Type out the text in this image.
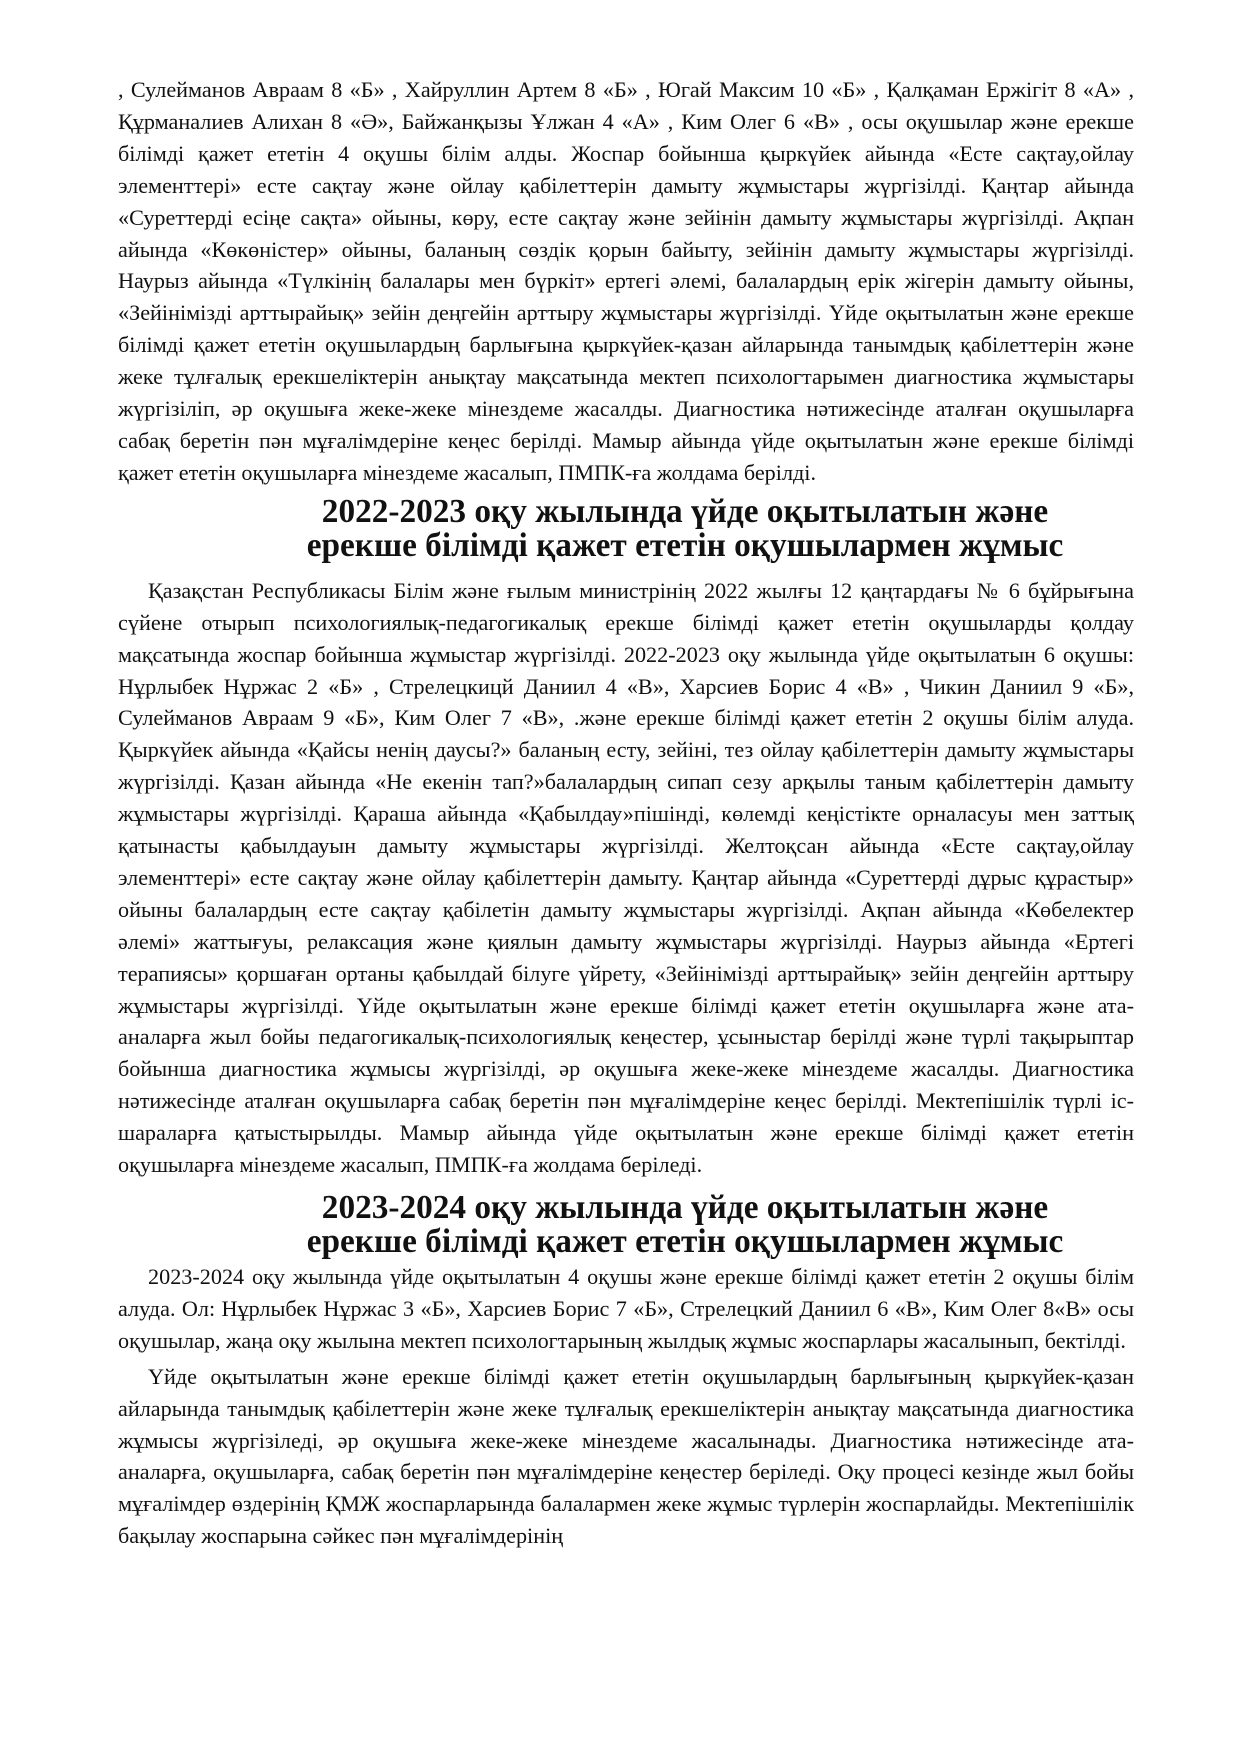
, Сулейманов Авраам 8 «Б» , Хайруллин Артем 8 «Б» , Югай Максим 10 «Б» , Қалқаман Ержігіт 8 «А» , Құрманалиев Алихан 8 «Ә», Байжанқызы Ұлжан 4 «А» , Ким Олег 6 «В» , осы оқушылар және ерекше білімді қажет ететін 4 оқушы білім алды. Жоспар бойынша қыркүйек айында «Есте сақтау,ойлау элементтері» есте сақтау және ойлау қабілеттерін дамыту жұмыстары жүргізілді. Қаңтар айында «Суреттерді есіңе сақта» ойыны, көру, есте сақтау және зейінін дамыту жұмыстары жүргізілді. Ақпан айында «Көкөністер» ойыны, баланың сөздік қорын байыту, зейінін дамыту жұмыстары жүргізілді. Наурыз айында «Түлкінің балалары мен бүркіт» ертегі әлемі, балалардың ерік жігерін дамыту ойыны, «Зейінімізді арттырайық» зейін деңгейін арттыру жұмыстары жүргізілді. Үйде оқытылатын және ерекше білімді қажет ететін оқушылардың барлығына қыркүйек-қазан айларында танымдық қабілеттерін және жеке тұлғалық ерекшеліктерін анықтау мақсатында мектеп психологтарымен диагностика жұмыстары жүргізіліп, әр оқушыға жеке-жеке мінездеме жасалды. Диагностика нәтижесінде аталған оқушыларға сабақ беретін пән мұғалімдеріне кеңес берілді. Мамыр айында үйде оқытылатын және ерекше білімді қажет ететін оқушыларға мінездеме жасалып, ПМПК-ға жолдама берілді.

2022-2023 оқу жылында үйде оқытылатын және
ерекше білімді қажет ететін оқушылармен жұмыс

Қазақстан Республикасы Білім және ғылым министрінің 2022 жылғы 12 қаңтардағы № 6 бұйрығына сүйене отырып психологиялық-педагогикалық ерекше білімді қажет ететін оқушыларды қолдау мақсатында жоспар бойынша жұмыстар жүргізілді. 2022-2023 оқу жылында үйде оқытылатын 6 оқушы: Нұрлыбек Нұржас 2 «Б» , Стрелецкицй Даниил 4 «В», Харсиев Борис 4 «В» , Чикин Даниил 9 «Б», Сулейманов Авраам 9 «Б», Ким Олег 7 «В», .және ерекше білімді қажет ететін 2 оқушы білім алуда. Қыркүйек айында «Қайсы ненің даусы?» баланың есту, зейіні, тез ойлау қабілеттерін дамыту жұмыстары жүргізілді. Қазан айында «Не екенін тап?»балалардың сипап сезу арқылы таным қабілеттерін дамыту жұмыстары жүргізілді. Қараша айында «Қабылдау»пішінді, көлемді кеңістікте орналасуы мен заттық қатынасты қабылдауын дамыту жұмыстары жүргізілді. Желтоқсан айында «Есте сақтау,ойлау элементтері» есте сақтау және ойлау қабілеттерін дамыту. Қаңтар айында «Суреттерді дұрыс құрастыр» ойыны балалардың есте сақтау қабілетін дамыту жұмыстары жүргізілді. Ақпан айында «Көбелектер әлемі» жаттығуы, релаксация және қиялын дамыту жұмыстары жүргізілді. Наурыз айында «Ертегі терапиясы» қоршаған ортаны қабылдай білуге үйрету, «Зейінімізді арттырайық» зейін деңгейін арттыру жұмыстары жүргізілді. Үйде оқытылатын және ерекше білімді қажет ететін оқушыларға және ата-аналарға жыл бойы педагогикалық-психологиялық кеңестер, ұсыныстар берілді және түрлі тақырыптар бойынша диагностика жұмысы жүргізілді, әр оқушыға жеке-жеке мінездеме жасалды. Диагностика нәтижесінде аталған оқушыларға сабақ беретін пән мұғалімдеріне кеңес берілді. Мектепішілік түрлі іс-шараларға қатыстырылды. Мамыр айында үйде оқытылатын және ерекше білімді қажет ететін оқушыларға мінездеме жасалып, ПМПК-ға жолдама беріледі.

2023-2024 оқу жылында үйде оқытылатын және
ерекше білімді қажет ететін оқушылармен жұмыс

2023-2024 оқу жылында үйде оқытылатын 4 оқушы және ерекше білімді қажет ететін 2 оқушы білім алуда. Ол: Нұрлыбек Нұржас 3 «Б», Харсиев Борис 7 «Б», Стрелецкий Даниил 6 «В», Ким Олег 8«В» осы оқушылар, жаңа оқу жылына мектеп психологтарының жылдық жұмыс жоспарлары жасалынып, бектілді.

Үйде оқытылатын және ерекше білімді қажет ететін оқушылардың барлығының қыркүйек-қазан айларында танымдық қабілеттерін және жеке тұлғалық ерекшеліктерін анықтау мақсатында диагностика жұмысы жүргізіледі, әр оқушыға жеке-жеке мінездеме жасалынады. Диагностика нәтижесінде ата-аналарға, оқушыларға, сабақ беретін пән мұғалімдеріне кеңестер беріледі. Оқу процесі кезінде жыл бойы мұғалімдер өздерінің ҚМЖ жоспарларында балалармен жеке жұмыс түрлерін жоспарлайды. Мектепішілік бақылау жоспарына сәйкес пән мұғалімдерінің
